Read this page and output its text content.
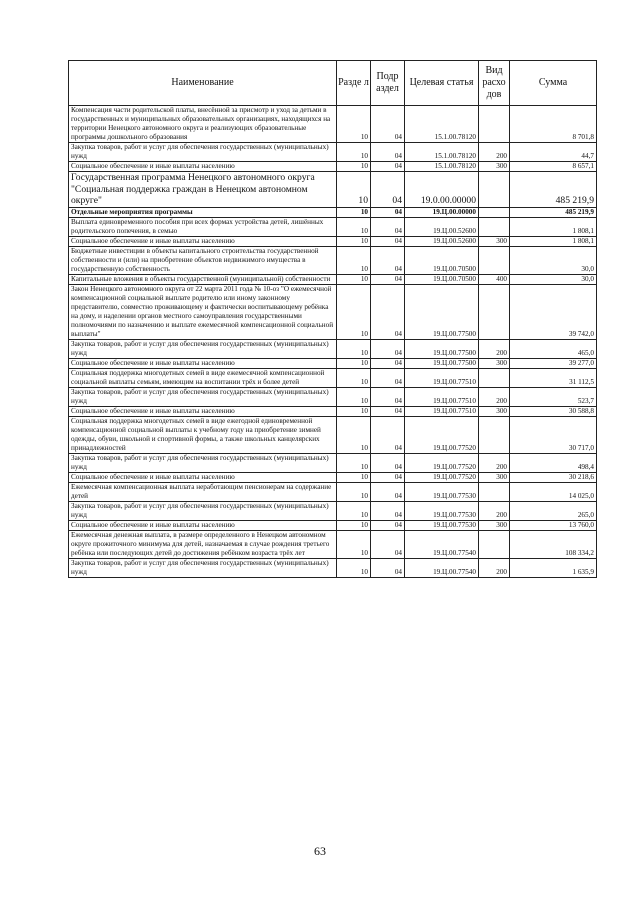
Наименование	Разде л	Подр аздел	Целевая статья	Вид расхо дов	Сумма
Компенсация части родительской платы, внесённой за присмотр и уход за детьми в государственных и муниципальных образовательных организациях, находящихся на территории Ненецкого автономного округа и реализующих образовательные программы дошкольного образования	10	04	15.1.00.78120		8 701,8
Закупка товаров, работ и услуг для обеспечения государственных (муниципальных) нужд	10	04	15.1.00.78120	200	44,7
Социальное обеспечение и иные выплаты населению	10	04	15.1.00.78120	300	8 657,1
Государственная программа Ненецкого автономного округа "Социальная поддержка граждан в Ненецком автономном округе"	10	04	19.0.00.00000		485 219,9
Отдельные мероприятия программы	10	04	19.Ц.00.00000		485 219,9
Выплата единовременного пособия при всех формах устройства детей, лишённых родительского попечения, в семью	10	04	19.Ц.00.52600		1 808,1
Социальное обеспечение и иные выплаты населению	10	04	19.Ц.00.52600	300	1 808,1
Бюджетные инвестиции в объекты капитального строительства государственной собственности и (или) на приобретение объектов недвижимого имущества в государственную собственность	10	04	19.Ц.00.70500		30,0
Капитальные вложения в объекты государственной (муниципальной) собственности	10	04	19.Ц.00.70500	400	30,0
Закон Ненецкого автономного округа от 22 марта 2011 года № 10-оз "О ежемесячной компенсационной социальной выплате родителю или иному законному представителю, совместно проживающему и фактически воспитывающему ребёнка на дому, и наделении органов местного самоуправления государственными полномочиями по назначению и выплате ежемесячной компенсационной социальной выплаты"	10	04	19.Ц.00.77500		39 742,0
Закупка товаров, работ и услуг для обеспечения государственных (муниципальных) нужд	10	04	19.Ц.00.77500	200	465,0
Социальное обеспечение и иные выплаты населению	10	04	19.Ц.00.77500	300	39 277,0
Социальная поддержка многодетных семей в виде ежемесячной компенсационной социальной выплаты семьям, имеющим на воспитании трёх и более детей	10	04	19.Ц.00.77510		31 112,5
Закупка товаров, работ и услуг для обеспечения государственных (муниципальных) нужд	10	04	19.Ц.00.77510	200	523,7
Социальное обеспечение и иные выплаты населению	10	04	19.Ц.00.77510	300	30 588,8
Социальная поддержка многодетных семей в виде ежегодной единовременной компенсационной социальной выплаты к учебному году на приобретение зимней одежды, обуви, школьной и спортивной формы, а также школьных канцелярских принадлежностей	10	04	19.Ц.00.77520		30 717,0
Закупка товаров, работ и услуг для обеспечения государственных (муниципальных) нужд	10	04	19.Ц.00.77520	200	498,4
Социальное обеспечение и иные выплаты населению	10	04	19.Ц.00.77520	300	30 218,6
Ежемесячная компенсационная выплата неработающим пенсионерам на содержание детей	10	04	19.Ц.00.77530		14 025,0
Закупка товаров, работ и услуг для обеспечения государственных (муниципальных) нужд	10	04	19.Ц.00.77530	200	265,0
Социальное обеспечение и иные выплаты населению	10	04	19.Ц.00.77530	300	13 760,0
Ежемесячная денежная выплата, в размере определенного в Ненецком автономном округе прожиточного минимума для детей, назначаемая в случае рождения третьего ребёнка или последующих детей до достижения ребёнком возраста трёх лет	10	04	19.Ц.00.77540		108 334,2
Закупка товаров, работ и услуг для обеспечения государственных (муниципальных) нужд	10	04	19.Ц.00.77540	200	1 635,9
63
